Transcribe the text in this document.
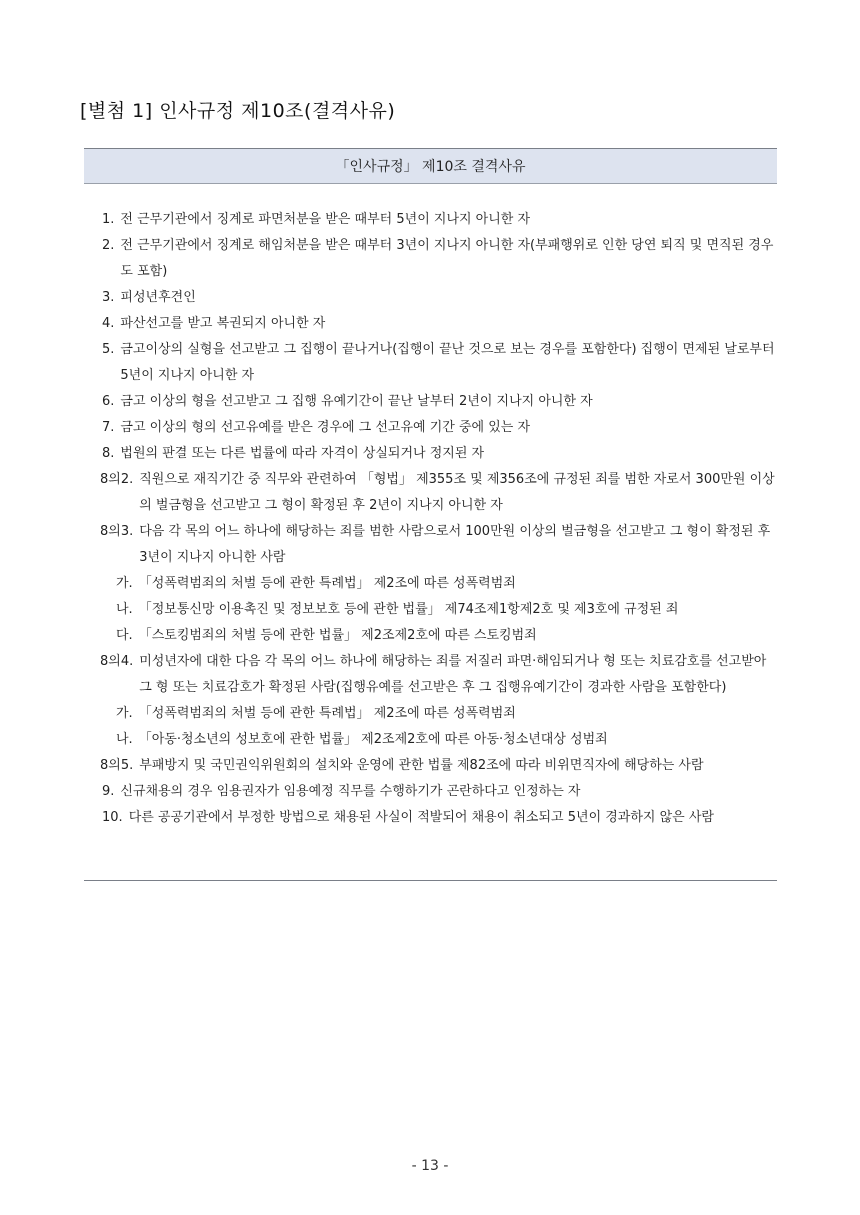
[별첨 1] 인사규정 제10조(결격사유)
「인사규정」 제10조 결격사유
1. 전 근무기관에서 징계로 파면처분을 받은 때부터 5년이 지나지 아니한 자
2. 전 근무기관에서 징계로 해임처분을 받은 때부터 3년이 지나지 아니한 자(부패행위로 인한 당연 퇴직 및 면직된 경우도 포함)
3. 피성년후견인
4. 파산선고를 받고 복권되지 아니한 자
5. 금고이상의 실형을 선고받고 그 집행이 끝나거나(집행이 끝난 것으로 보는 경우를 포함한다) 집행이 면제된 날로부터 5년이 지나지 아니한 자
6. 금고 이상의 형을 선고받고 그 집행 유예기간이 끝난 날부터 2년이 지나지 아니한 자
7. 금고 이상의 형의 선고유예를 받은 경우에 그 선고유예 기간 중에 있는 자
8. 법원의 판결 또는 다른 법률에 따라 자격이 상실되거나 정지된 자
8의2. 직원으로 재직기간 중 직무와 관련하여 「형법」 제355조 및 제356조에 규정된 죄를 범한 자로서 300만원 이상의 벌금형을 선고받고 그 형이 확정된 후 2년이 지나지 아니한 자
8의3. 다음 각 목의 어느 하나에 해당하는 죄를 범한 사람으로서 100만원 이상의 벌금형을 선고받고 그 형이 확정된 후 3년이 지나지 아니한 사람
가. 「성폭력범죄의 처벌 등에 관한 특례법」 제2조에 따른 성폭력범죄
나. 「정보통신망 이용촉진 및 정보보호 등에 관한 법률」 제74조제1항제2호 및 제3호에 규정된 죄
다. 「스토킹범죄의 처벌 등에 관한 법률」 제2조제2호에 따른 스토킹범죄
8의4. 미성년자에 대한 다음 각 목의 어느 하나에 해당하는 죄를 저질러 파면·해임되거나 형 또는 치료감호를 선고받아 그 형 또는 치료감호가 확정된 사람(집행유예를 선고받은 후 그 집행유예기간이 경과한 사람을 포함한다)
가. 「성폭력범죄의 처벌 등에 관한 특례법」 제2조에 따른 성폭력범죄
나. 「아동·청소년의 성보호에 관한 법률」 제2조제2호에 따른 아동·청소년대상 성범죄
8의5. 부패방지 및 국민권익위원회의 설치와 운영에 관한 법률 제82조에 따라 비위면직자에 해당하는 사람
9. 신규채용의 경우 임용권자가 임용예정 직무를 수행하기가 곤란하다고 인정하는 자
10. 다른 공공기관에서 부정한 방법으로 채용된 사실이 적발되어 채용이 취소되고 5년이 경과하지 않은 사람
- 13 -
